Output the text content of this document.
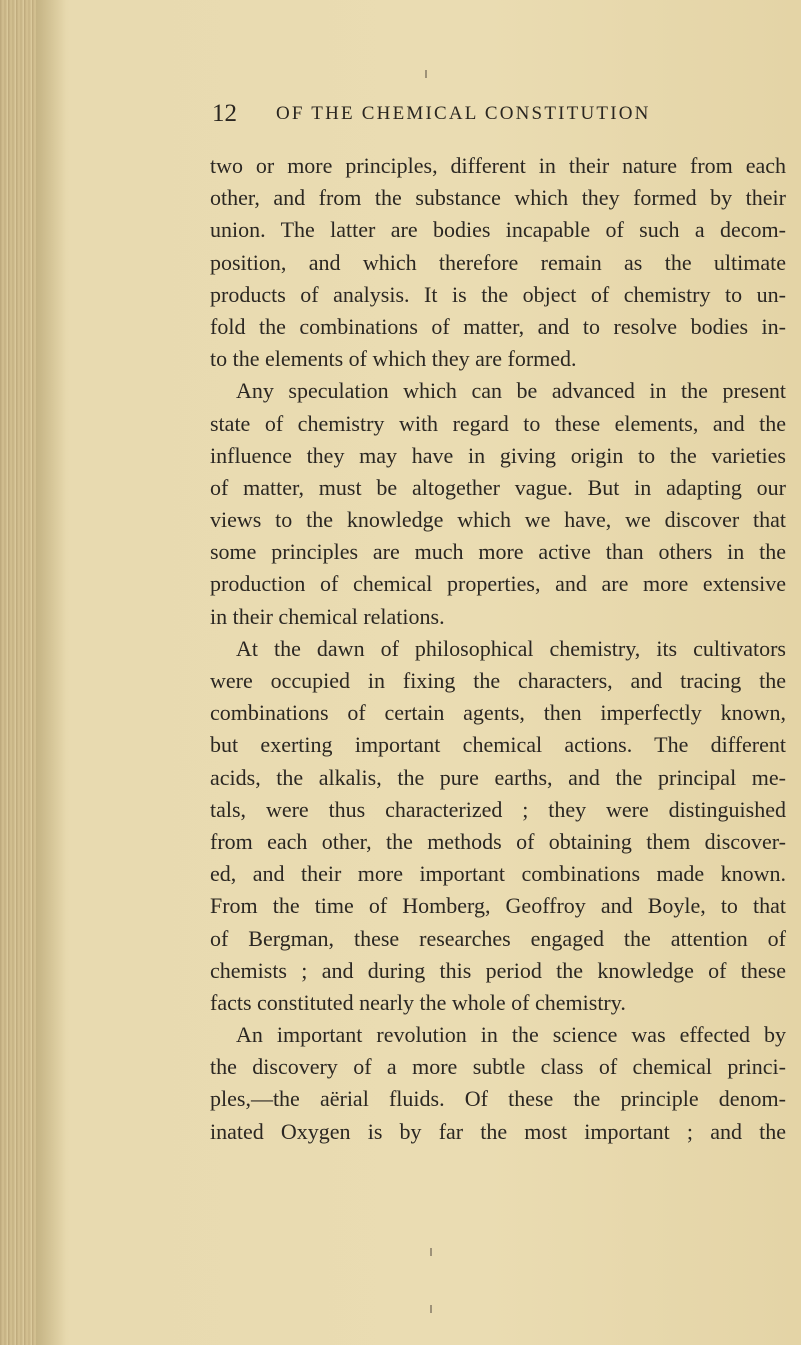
12 OF THE CHEMICAL CONSTITUTION
two or more principles, different in their nature from each
other, and from the substance which they formed by their
union. The latter are bodies incapable of such a decom-
position, and which therefore remain as the ultimate
products of analysis. It is the object of chemistry to un-
fold the combinations of matter, and to resolve bodies in-
to the elements of which they are formed.
Any speculation which can be advanced in the present
state of chemistry with regard to these elements, and the
influence they may have in giving origin to the varieties
of matter, must be altogether vague. But in adapting our
views to the knowledge which we have, we discover that
some principles are much more active than others in the
production of chemical properties, and are more extensive
in their chemical relations.
At the dawn of philosophical chemistry, its cultivators
were occupied in fixing the characters, and tracing the
combinations of certain agents, then imperfectly known,
but exerting important chemical actions. The different
acids, the alkalis, the pure earths, and the principal me-
tals, were thus characterized ; they were distinguished
from each other, the methods of obtaining them discover-
ed, and their more important combinations made known.
From the time of Homberg, Geoffroy and Boyle, to that
of Bergman, these researches engaged the attention of
chemists ; and during this period the knowledge of these
facts constituted nearly the whole of chemistry.
An important revolution in the science was effected by
the discovery of a more subtle class of chemical princi-
ples,—the aërial fluids. Of these the principle denom-
inated Oxygen is by far the most important ; and the
